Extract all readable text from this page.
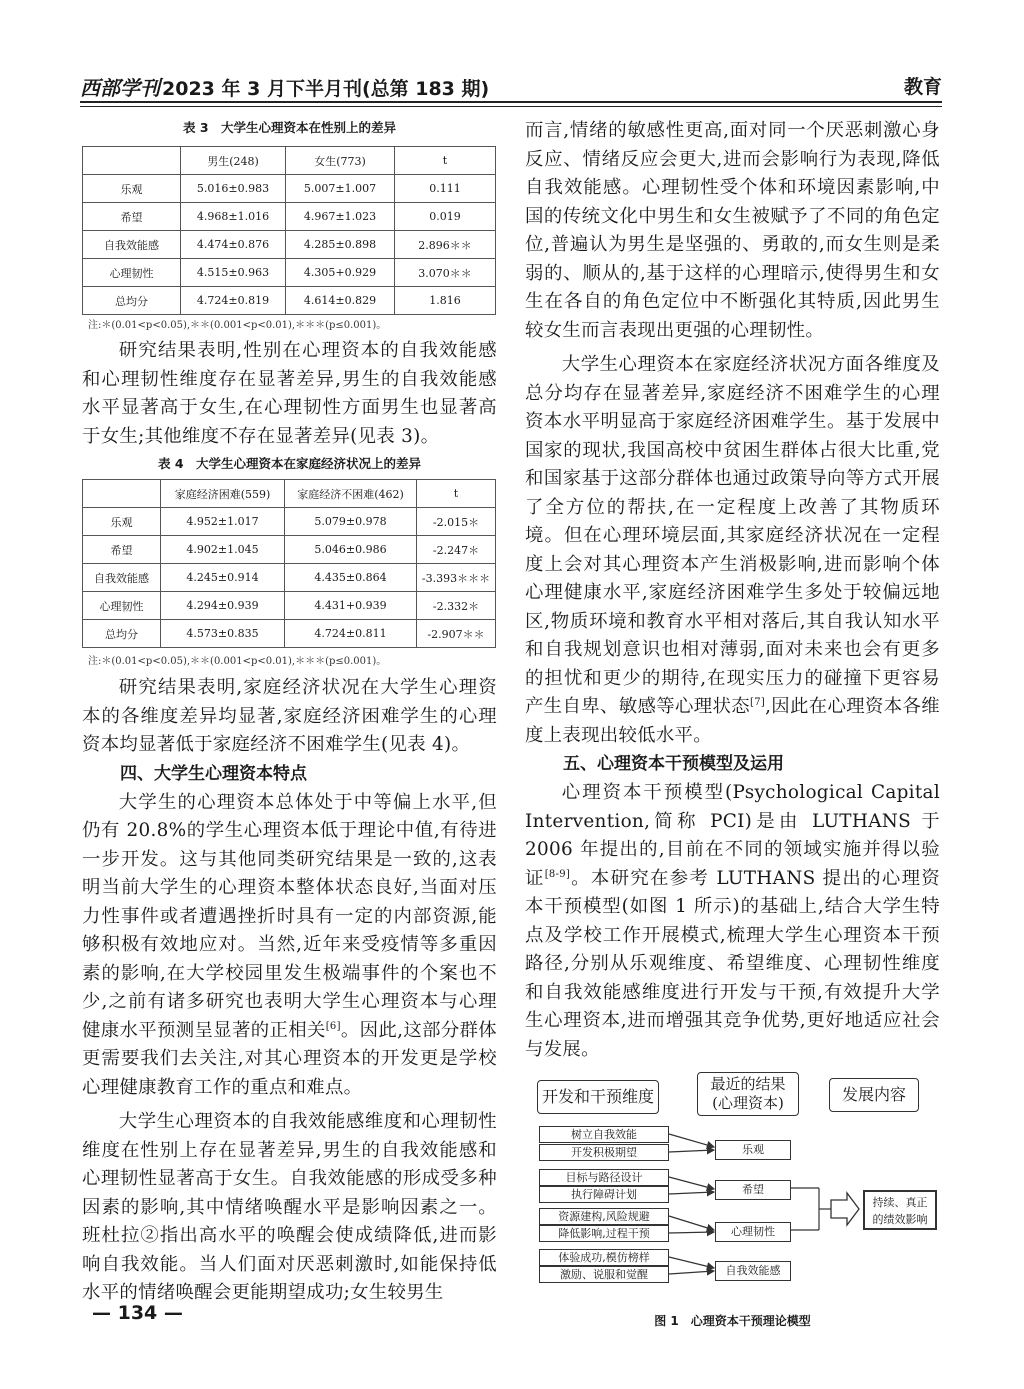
西部学刊 2023 年 3 月下半月刊(总第 183 期)	教育
表 3　大学生心理资本在性别上的差异
	男生(248)	女生(773)	t
乐观	5.016±0.983	5.007±1.007	0.111
希望	4.968±1.016	4.967±1.023	0.019
自我效能感	4.474±0.876	4.285±0.898	2.896＊＊
心理韧性	4.515±0.963	4.305+0.929	3.070＊＊
总均分	4.724±0.819	4.614±0.829	1.816
注:＊(0.01<p<0.05),＊＊(0.001<p<0.01),＊＊＊(p≤0.001)。

研究结果表明,性别在心理资本的自我效能感和心理韧性维度存在显著差异,男生的自我效能感水平显著高于女生,在心理韧性方面男生也显著高于女生;其他维度不存在显著差异(见表 3)。

表 4　大学生心理资本在家庭经济状况上的差异
	家庭经济困难(559)	家庭经济不困难(462)	t
乐观	4.952±1.017	5.079±0.978	-2.015＊
希望	4.902±1.045	5.046±0.986	-2.247＊
自我效能感	4.245±0.914	4.435±0.864	-3.393＊＊＊
心理韧性	4.294±0.939	4.431+0.939	-2.332＊
总均分	4.573±0.835	4.724±0.811	-2.907＊＊
注:＊(0.01<p<0.05),＊＊(0.001<p<0.01),＊＊＊(p≤0.001)。

研究结果表明,家庭经济状况在大学生心理资本的各维度差异均显著,家庭经济困难学生的心理资本均显著低于家庭经济不困难学生(见表 4)。

四、大学生心理资本特点

大学生的心理资本总体处于中等偏上水平,但仍有 20.8%的学生心理资本低于理论中值,有待进一步开发。这与其他同类研究结果是一致的,这表明当前大学生的心理资本整体状态良好,当面对压力性事件或者遭遇挫折时具有一定的内部资源,能够积极有效地应对。当然,近年来受疫情等多重因素的影响,在大学校园里发生极端事件的个案也不少,之前有诸多研究也表明大学生心理资本与心理健康水平预测呈显著的正相关[6]。因此,这部分群体更需要我们去关注,对其心理资本的开发更是学校心理健康教育工作的重点和难点。

大学生心理资本的自我效能感维度和心理韧性维度在性别上存在显著差异,男生的自我效能感和心理韧性显著高于女生。自我效能感的形成受多种因素的影响,其中情绪唤醒水平是影响因素之一。班杜拉②指出高水平的唤醒会使成绩降低,进而影响自我效能。当人们面对厌恶刺激时,如能保持低水平的情绪唤醒会更能期望成功;女生较男生

而言,情绪的敏感性更高,面对同一个厌恶刺激心身反应、情绪反应会更大,进而会影响行为表现,降低自我效能感。心理韧性受个体和环境因素影响,中国的传统文化中男生和女生被赋予了不同的角色定位,普遍认为男生是坚强的、勇敢的,而女生则是柔弱的、顺从的,基于这样的心理暗示,使得男生和女生在各自的角色定位中不断强化其特质,因此男生较女生而言表现出更强的心理韧性。

大学生心理资本在家庭经济状况方面各维度及总分均存在显著差异,家庭经济不困难学生的心理资本水平明显高于家庭经济困难学生。基于发展中国家的现状,我国高校中贫困生群体占很大比重,党和国家基于这部分群体也通过政策导向等方式开展了全方位的帮扶,在一定程度上改善了其物质环境。但在心理环境层面,其家庭经济状况在一定程度上会对其心理资本产生消极影响,进而影响个体心理健康水平,家庭经济困难学生多处于较偏远地区,物质环境和教育水平相对落后,其自我认知水平和自我规划意识也相对薄弱,面对未来也会有更多的担忧和更少的期待,在现实压力的碰撞下更容易产生自卑、敏感等心理状态[7],因此在心理资本各维度上表现出较低水平。

五、心理资本干预模型及运用

心理资本干预模型(Psychological Capital Intervention,简称 PCI)是由 LUTHANS 于 2006 年提出的,目前在不同的领域实施并得以验证[8-9]。本研究在参考 LUTHANS 提出的心理资本干预模型(如图 1 所示)的基础上,结合大学生特点及学校工作开展模式,梳理大学生心理资本干预路径,分别从乐观维度、希望维度、心理韧性维度和自我效能感维度进行开发与干预,有效提升大学生心理资本,进而增强其竞争优势,更好地适应社会与发展。

开发和干预维度
最近的结果
(心理资本)	发展内容
树立自我效能
开发积极期望
目标与路径设计
执行障碍计划
资源建构,风险规避
降低影响,过程干预
体验成功,模仿榜样
激励、说服和觉醒
乐观
希望
心理韧性
自我效能感
持续、真正
的绩效影响
图 1　心理资本干预理论模型
— 134 —
